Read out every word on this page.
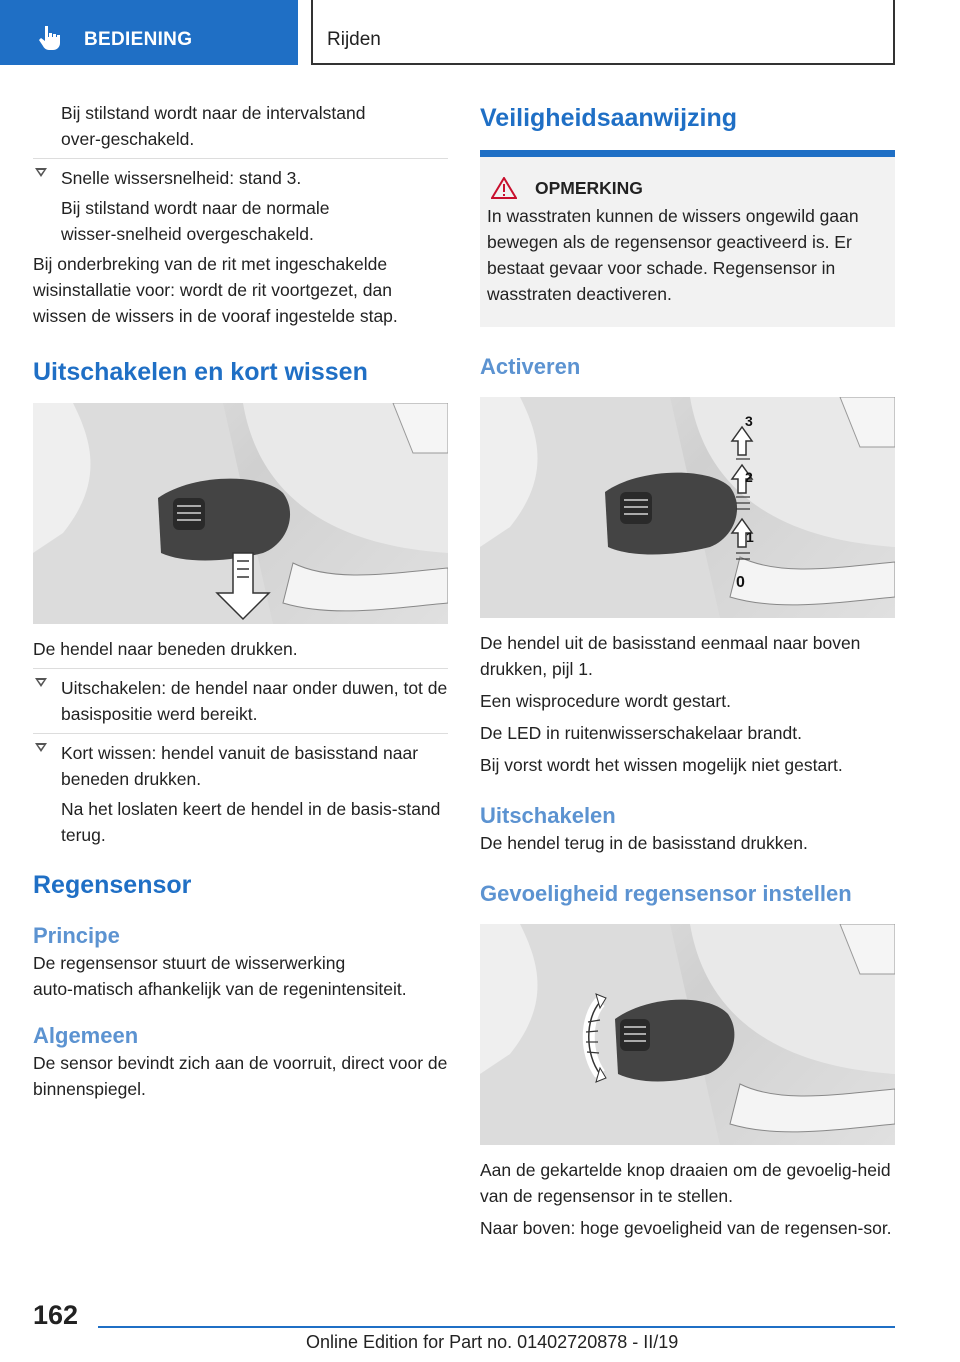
BEDIENING	Rijden

Bij stilstand wordt naar de intervalstand over‑geschakeld.

Snelle wissersnelheid: stand 3.

Bij stilstand wordt naar de normale wisser‑snelheid overgeschakeld.

Bij onderbreking van de rit met ingeschakelde wisinstallatie voor: wordt de rit voortgezet, dan wissen de wissers in de vooraf ingestelde stap.

Uitschakelen en kort wissen

De hendel naar beneden drukken.

Uitschakelen: de hendel naar onder duwen, tot de basispositie werd bereikt.

Kort wissen: hendel vanuit de basisstand naar beneden drukken.

Na het loslaten keert de hendel in de basis‑stand terug.

Regensensor
Principe

De regensensor stuurt de wisserwerking auto‑matisch afhankelijk van de regenintensiteit.

Algemeen

De sensor bevindt zich aan de voorruit, direct voor de binnenspiegel.

Veiligheidsaanwijzing
OPMERKING

In wasstraten kunnen de wissers ongewild gaan bewegen als de regensensor geactiveerd is. Er bestaat gevaar voor schade. Regensensor in wasstraten deactiveren.

Activeren
3
2
1
0

De hendel uit de basisstand eenmaal naar boven drukken, pijl 1.

Een wisprocedure wordt gestart.

De LED in ruitenwisserschakelaar brandt.

Bij vorst wordt het wissen mogelijk niet gestart.

Uitschakelen

De hendel terug in de basisstand drukken.

Gevoeligheid regensensor instellen

Aan de gekartelde knop draaien om de gevoelig‑heid van de regensensor in te stellen.

Naar boven: hoge gevoeligheid van de regensen‑sor.

162
Online Edition for Part no. 01402720878 - II/19
